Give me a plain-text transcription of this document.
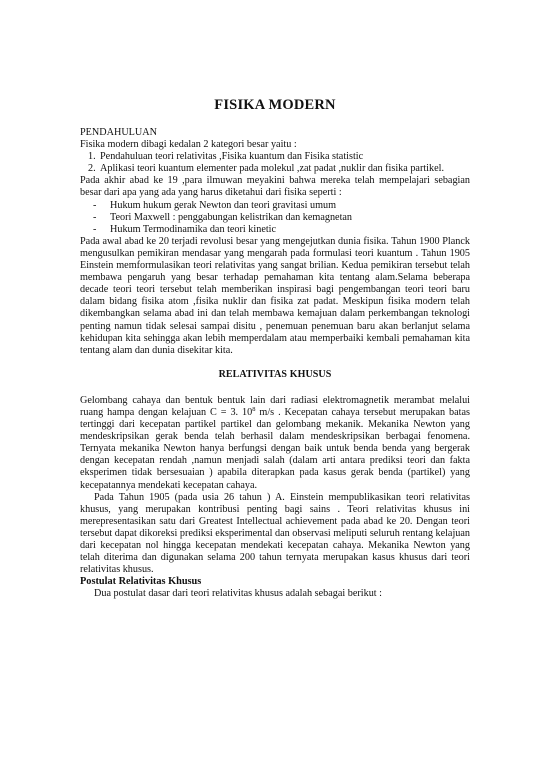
FISIKA MODERN

PENDAHULUAN

Fisika modern dibagi kedalan 2 kategori besar yaitu :

1. Pendahuluan teori relativitas ,Fisika kuantum dan Fisika statistic
2. Aplikasi teori kuantum elementer pada molekul ,zat padat ,nuklir dan fisika partikel.

Pada akhir abad ke 19 ,para ilmuwan meyakini bahwa mereka telah mempelajari sebagian besar dari apa yang ada yang harus diketahui dari fisika seperti :

- Hukum hukum gerak Newton dan teori gravitasi umum
- Teori Maxwell : penggabungan kelistrikan dan kemagnetan
- Hukum Termodinamika dan teori kinetic

Pada awal abad ke 20 terjadi revolusi besar yang mengejutkan dunia fisika. Tahun 1900 Planck mengusulkan pemikiran mendasar yang mengarah pada formulasi teori kuantum . Tahun 1905 Einstein memformulasikan teori relativitas yang sangat brilian. Kedua pemikiran tersebut telah membawa pengaruh yang besar terhadap pemahaman kita tentang alam.Selama beberapa decade teori teori tersebut telah memberikan inspirasi bagi pengembangan teori teori baru dalam bidang fisika atom ,fisika nuklir dan fisika zat padat. Meskipun fisika modern telah dikembangkan selama abad ini dan telah membawa kemajuan dalam perkembangan teknologi penting namun tidak selesai sampai disitu , penemuan penemuan baru akan berlanjut selama kehidupan kita sehingga akan lebih memperdalam atau memperbaiki kembali pemahaman kita tentang alam dan dunia disekitar kita.

RELATIVITAS KHUSUS

Gelombang cahaya dan bentuk bentuk lain dari radiasi elektromagnetik merambat melalui ruang hampa dengan kelajuan C = 3. $10^8$ m/s . Kecepatan cahaya tersebut merupakan batas tertinggi dari kecepatan partikel partikel dan gelombang mekanik. Mekanika Newton yang mendeskripsikan gerak benda telah berhasil dalam mendeskripsikan berbagai fenomena. Ternyata mekanika Newton hanya berfungsi dengan baik untuk benda benda yang bergerak dengan kecepatan rendah ,namun menjadi salah (dalam arti antara prediksi teori dan fakta eksperimen tidak bersesuaian ) apabila diterapkan pada kasus gerak benda (partikel) yang kecepatannya mendekati kecepatan cahaya.

Pada Tahun 1905 (pada usia 26 tahun ) A. Einstein mempublikasikan teori relativitas khusus, yang merupakan kontribusi penting bagi sains . Teori relativitas khusus ini merepresentasikan satu dari Greatest Intellectual achievement pada abad ke 20. Dengan teori tersebut dapat dikoreksi prediksi eksperimental dan observasi meliputi seluruh rentang kelajuan dari kecepatan nol hingga kecepatan mendekati kecepatan cahaya. Mekanika Newton yang telah diterima dan digunakan selama 200 tahun ternyata merupakan kasus khusus dari teori relativitas khusus.

Postulat Relativitas Khusus

Dua postulat dasar dari teori relativitas khusus adalah sebagai berikut :
